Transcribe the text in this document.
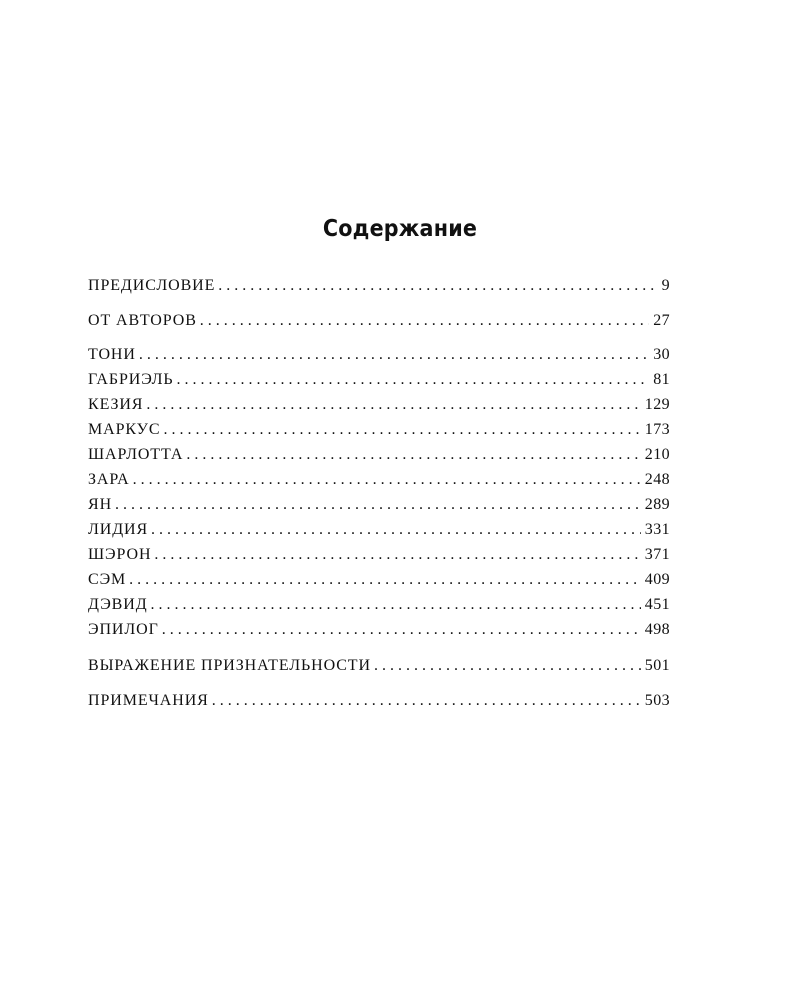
Содержание
ПРЕДИСЛОВИЕ . . .	9
ОТ АВТОРОВ . . .	27
ТОНИ . . .	30
ГАБРИЭЛЬ . . .	81
КЕЗИЯ . . .	129
МАРКУС . . .	173
ШАРЛОТТА . . .	210
ЗАРА . . .	248
ЯН . . .	289
ЛИДИЯ . . .	331
ШЭРОН . . .	371
СЭМ . . .	409
ДЭВИД . . .	451
ЭПИЛОГ . . .	498
ВЫРАЖЕНИЕ ПРИЗНАТЕЛЬНОСТИ . . .	501
ПРИМЕЧАНИЯ . . .	503
